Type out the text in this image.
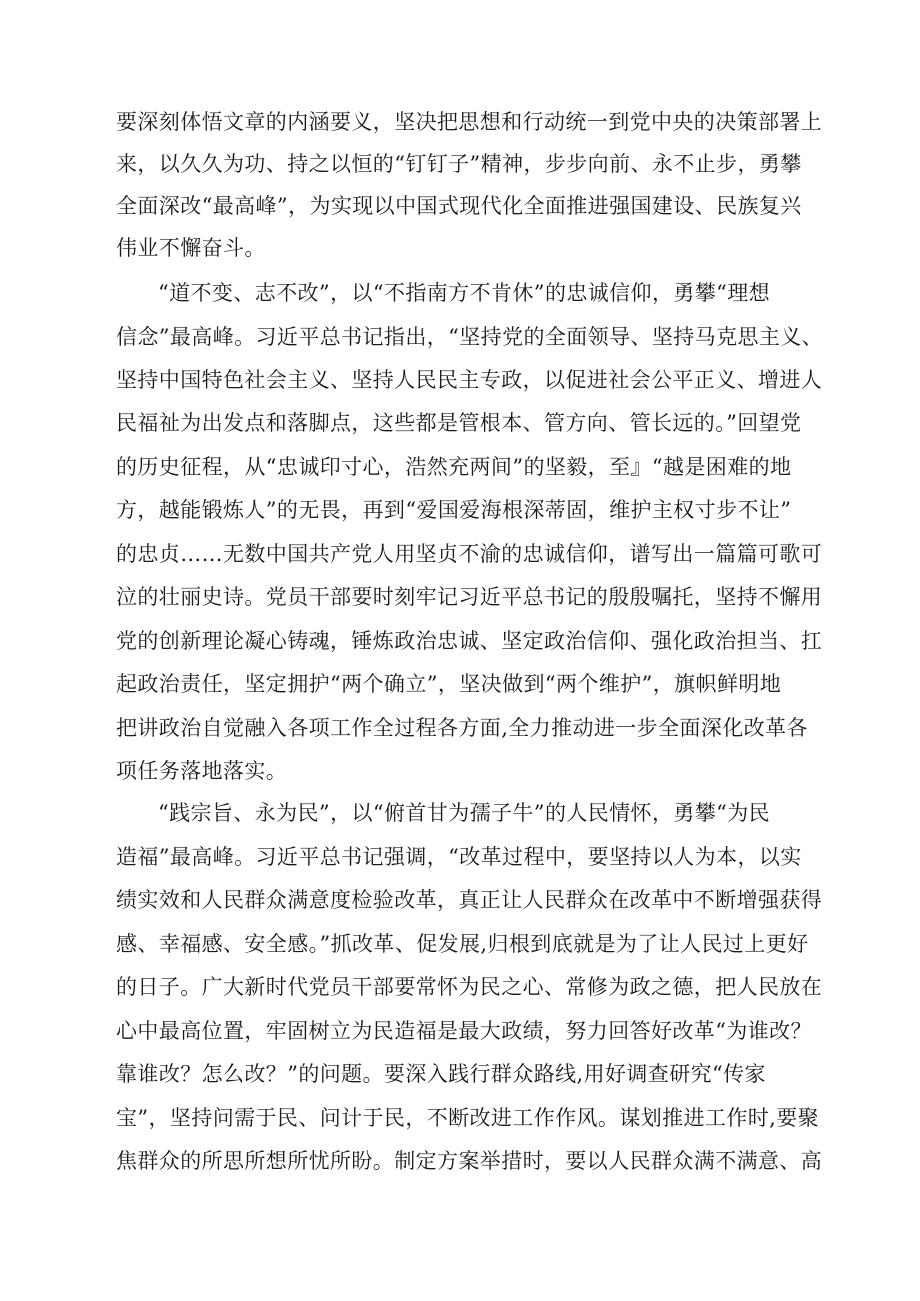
要深刻体悟文章的内涵要义，坚决把思想和行动统一到党中央的决策部署上
来，以久久为功、持之以恒的“钉钉子”精神，步步向前、永不止步，勇攀
全面深改“最高峰”，为实现以中国式现代化全面推进强国建设、民族复兴
伟业不懈奋斗。
“道不变、志不改”，以“不指南方不肯休”的忠诚信仰，勇攀“理想
信念”最高峰。习近平总书记指出，“坚持党的全面领导、坚持马克思主义、
坚持中国特色社会主义、坚持人民民主专政，以促进社会公平正义、增进人
民福祉为出发点和落脚点，这些都是管根本、管方向、管长远的。”回望党
的历史征程，从“忠诚印寸心，浩然充两间”的坚毅，至』“越是困难的地
方，越能锻炼人”的无畏，再到“爱国爱海根深蒂固，维护主权寸步不让”
的忠贞……无数中国共产党人用坚贞不渝的忠诚信仰，谱写出一篇篇可歌可
泣的壮丽史诗。党员干部要时刻牢记习近平总书记的殷殷嘱托，坚持不懈用
党的创新理论凝心铸魂，锤炼政治忠诚、坚定政治信仰、强化政治担当、扛
起政治责任，坚定拥护“两个确立”，坚决做到“两个维护”，旗帜鲜明地
把讲政治自觉融入各项工作全过程各方面,全力推动进一步全面深化改革各
项任务落地落实。
“践宗旨、永为民”，以“俯首甘为孺子牛”的人民情怀，勇攀“为民
造福”最高峰。习近平总书记强调，“改革过程中，要坚持以人为本，以实
绩实效和人民群众满意度检验改革，真正让人民群众在改革中不断增强获得
感、幸福感、安全感。”抓改革、促发展,归根到底就是为了让人民过上更好
的日子。广大新时代党员干部要常怀为民之心、常修为政之德，把人民放在
心中最高位置，牢固树立为民造福是最大政绩，努力回答好改革“为谁改？
靠谁改？怎么改？”的问题。要深入践行群众路线,用好调查研究“传家
宝”，坚持问需于民、问计于民，不断改进工作作风。谋划推进工作时,要聚
焦群众的所思所想所忧所盼。制定方案举措时，要以人民群众满不满意、高
